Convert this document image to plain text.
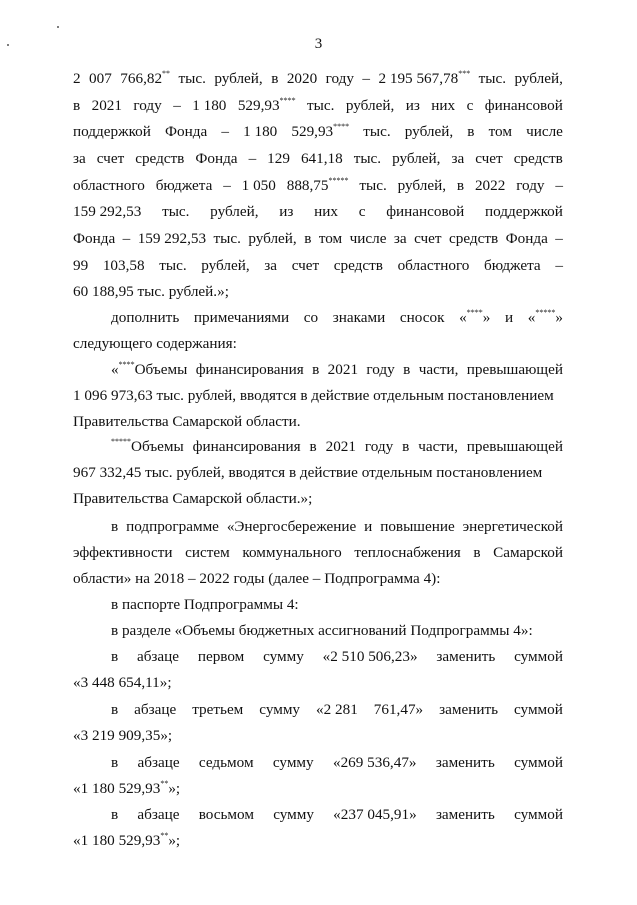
3
2 007 766,82** тыс. рублей, в 2020 году – 2 195 567,78*** тыс. рублей,
в 2021 году – 1 180 529,93**** тыс. рублей, из них с финансовой
поддержкой Фонда – 1 180 529,93**** тыс. рублей, в том числе
за счет средств Фонда – 129 641,18 тыс. рублей, за счет средств
областного бюджета – 1 050 888,75***** тыс. рублей, в 2022 году –
159 292,53 тыс. рублей, из них с финансовой поддержкой
Фонда – 159 292,53 тыс. рублей, в том числе за счет средств Фонда –
99 103,58 тыс. рублей, за счет средств областного бюджета –
60 188,95 тыс. рублей.»;
дополнить примечаниями со знаками сносок «****» и «*****»
следующего содержания:
«****Объемы финансирования в 2021 году в части, превышающей
1 096 973,63 тыс. рублей, вводятся в действие отдельным постановлением
Правительства Самарской области.
*****Объемы финансирования в 2021 году в части, превышающей
967 332,45 тыс. рублей, вводятся в действие отдельным постановлением
Правительства Самарской области.»;
в подпрограмме «Энергосбережение и повышение энергетической
эффективности систем коммунального теплоснабжения в Самарской
области» на 2018 – 2022 годы (далее – Подпрограмма 4):
в паспорте Подпрограммы 4:
в разделе «Объемы бюджетных ассигнований Подпрограммы 4»:
в абзаце первом сумму «2 510 506,23» заменить суммой
«3 448 654,11»;
в абзаце третьем сумму «2 281 761,47» заменить суммой
«3 219 909,35»;
в абзаце седьмом сумму «269 536,47» заменить суммой
«1 180 529,93**»;
в абзаце восьмом сумму «237 045,91» заменить суммой
«1 180 529,93**»;
